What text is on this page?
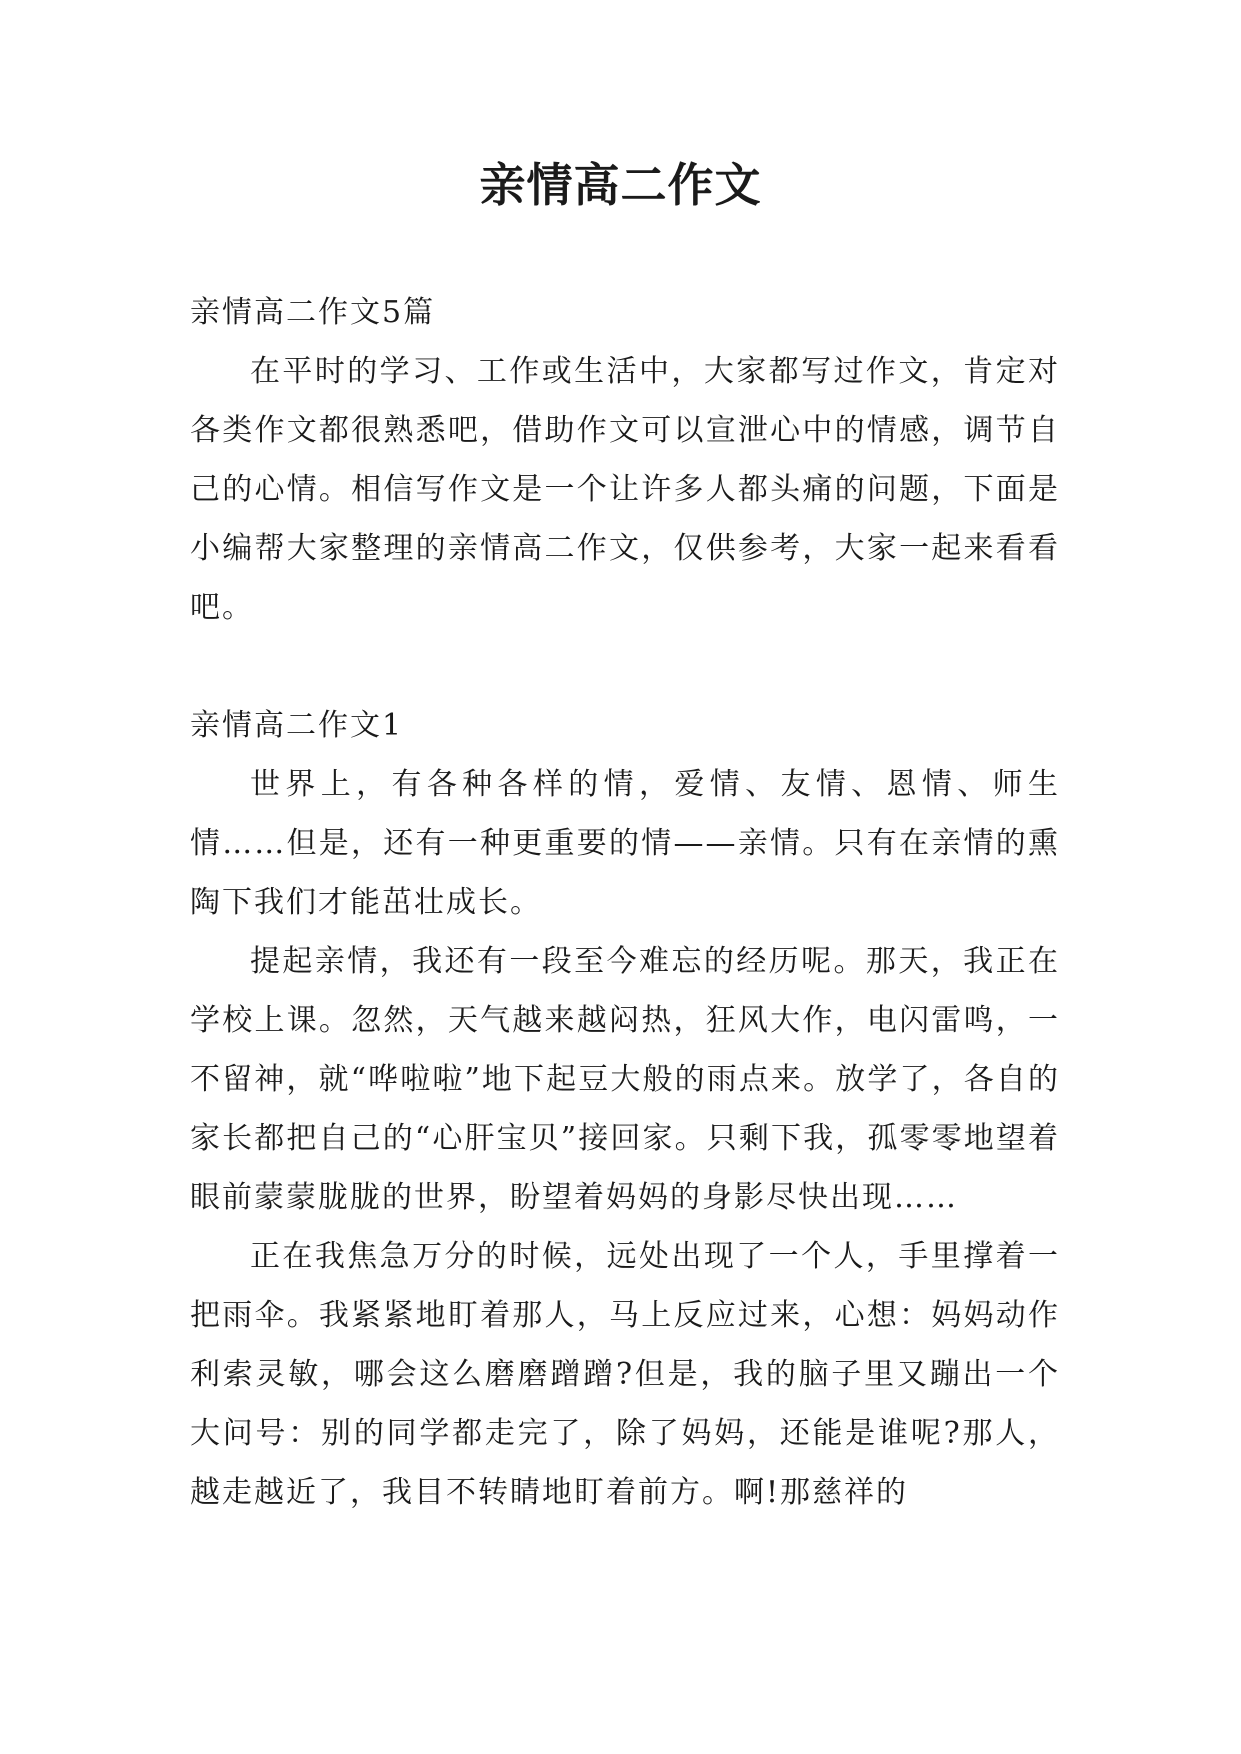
亲情高二作文

亲情高二作文5篇

在平时的学习、工作或生活中，大家都写过作文，肯定对各类作文都很熟悉吧，借助作文可以宣泄心中的情感，调节自己的心情。相信写作文是一个让许多人都头痛的问题，下面是小编帮大家整理的亲情高二作文，仅供参考，大家一起来看看吧。

亲情高二作文1

世界上，有各种各样的情，爱情、友情、恩情、师生情……但是，还有一种更重要的情——亲情。只有在亲情的熏陶下我们才能茁壮成长。

提起亲情，我还有一段至今难忘的经历呢。那天，我正在学校上课。忽然，天气越来越闷热，狂风大作，电闪雷鸣，一不留神，就“哗啦啦”地下起豆大般的雨点来。放学了，各自的家长都把自己的“心肝宝贝”接回家。只剩下我，孤零零地望着眼前蒙蒙胧胧的世界，盼望着妈妈的身影尽快出现……

正在我焦急万分的时候，远处出现了一个人，手里撑着一把雨伞。我紧紧地盯着那人，马上反应过来，心想：妈妈动作利索灵敏，哪会这么磨磨蹭蹭?但是，我的脑子里又蹦出一个大问号：别的同学都走完了，除了妈妈，还能是谁呢?那人，越走越近了，我目不转睛地盯着前方。啊!那慈祥的
